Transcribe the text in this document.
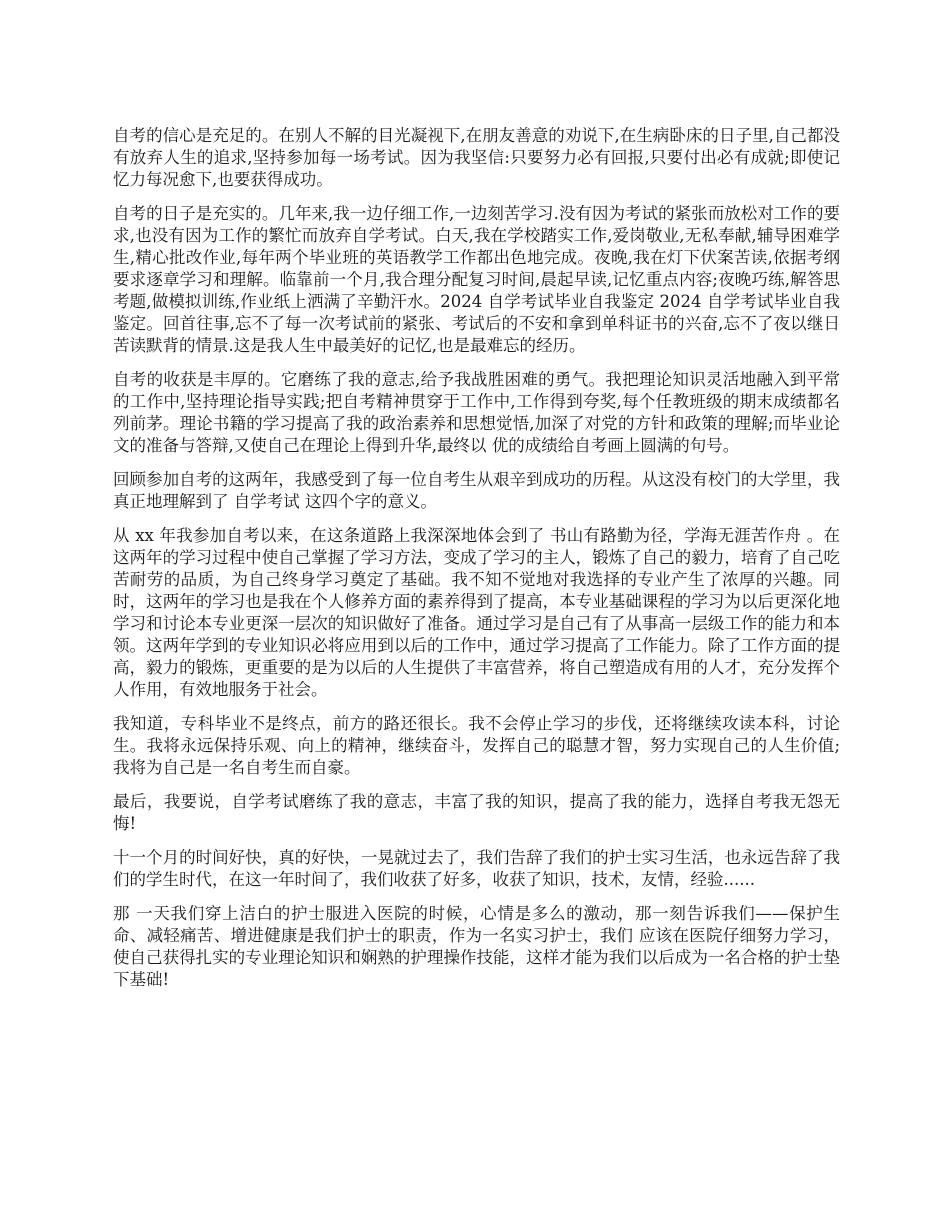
自考的信心是充足的。在别人不解的目光凝视下,在朋友善意的劝说下,在生病卧床的日子里,自己都没有放弃人生的追求,坚持参加每一场考试。因为我坚信:只要努力必有回报,只要付出必有成就;即使记忆力每况愈下,也要获得成功。

自考的日子是充实的。几年来,我一边仔细工作,一边刻苦学习.没有因为考试的紧张而放松对工作的要求,也没有因为工作的繁忙而放弃自学考试。白天,我在学校踏实工作,爱岗敬业,无私奉献,辅导困难学生,精心批改作业,每年两个毕业班的英语教学工作都出色地完成。夜晚,我在灯下伏案苦读,依据考纲要求逐章学习和理解。临靠前一个月,我合理分配复习时间,晨起早读,记忆重点内容;夜晚巧练,解答思考题,做模拟训练,作业纸上洒满了辛勤汗水。2024 自学考试毕业自我鉴定 2024 自学考试毕业自我鉴定。回首往事,忘不了每一次考试前的紧张、考试后的不安和拿到单科证书的兴奋,忘不了夜以继日苦读默背的情景.这是我人生中最美好的记忆,也是最难忘的经历。

自考的收获是丰厚的。它磨练了我的意志,给予我战胜困难的勇气。我把理论知识灵活地融入到平常的工作中,坚持理论指导实践;把自考精神贯穿于工作中,工作得到夸奖,每个任教班级的期末成绩都名列前茅。理论书籍的学习提高了我的政治素养和思想觉悟,加深了对党的方针和政策的理解;而毕业论文的准备与答辩,又使自己在理论上得到升华,最终以 优的成绩给自考画上圆满的句号。

回顾参加自考的这两年，我感受到了每一位自考生从艰辛到成功的历程。从这没有校门的大学里，我真正地理解到了 自学考试 这四个字的意义。

从 xx 年我参加自考以来，在这条道路上我深深地体会到了 书山有路勤为径，学海无涯苦作舟 。在这两年的学习过程中使自己掌握了学习方法，变成了学习的主人，锻炼了自己的毅力，培育了自己吃苦耐劳的品质，为自己终身学习奠定了基础。我不知不觉地对我选择的专业产生了浓厚的兴趣。同时，这两年的学习也是我在个人修养方面的素养得到了提高，本专业基础课程的学习为以后更深化地学习和讨论本专业更深一层次的知识做好了准备。通过学习是自己有了从事高一层级工作的能力和本领。这两年学到的专业知识必将应用到以后的工作中，通过学习提高了工作能力。除了工作方面的提高，毅力的锻炼，更重要的是为以后的人生提供了丰富营养，将自己塑造成有用的人才，充分发挥个人作用，有效地服务于社会。

我知道，专科毕业不是终点，前方的路还很长。我不会停止学习的步伐，还将继续攻读本科，讨论生。我将永远保持乐观、向上的精神，继续奋斗，发挥自己的聪慧才智，努力实现自己的人生价值;我将为自己是一名自考生而自豪。

最后，我要说，自学考试磨练了我的意志，丰富了我的知识，提高了我的能力，选择自考我无怨无悔!

十一个月的时间好快，真的好快，一晃就过去了，我们告辞了我们的护士实习生活，也永远告辞了我们的学生时代，在这一年时间了，我们收获了好多，收获了知识，技术，友情，经验......

那 一天我们穿上洁白的护士服进入医院的时候，心情是多么的激动，那一刻告诉我们——保护生命、减轻痛苦、增进健康是我们护士的职责，作为一名实习护士，我们 应该在医院仔细努力学习，使自己获得扎实的专业理论知识和娴熟的护理操作技能，这样才能为我们以后成为一名合格的护士垫下基础!
